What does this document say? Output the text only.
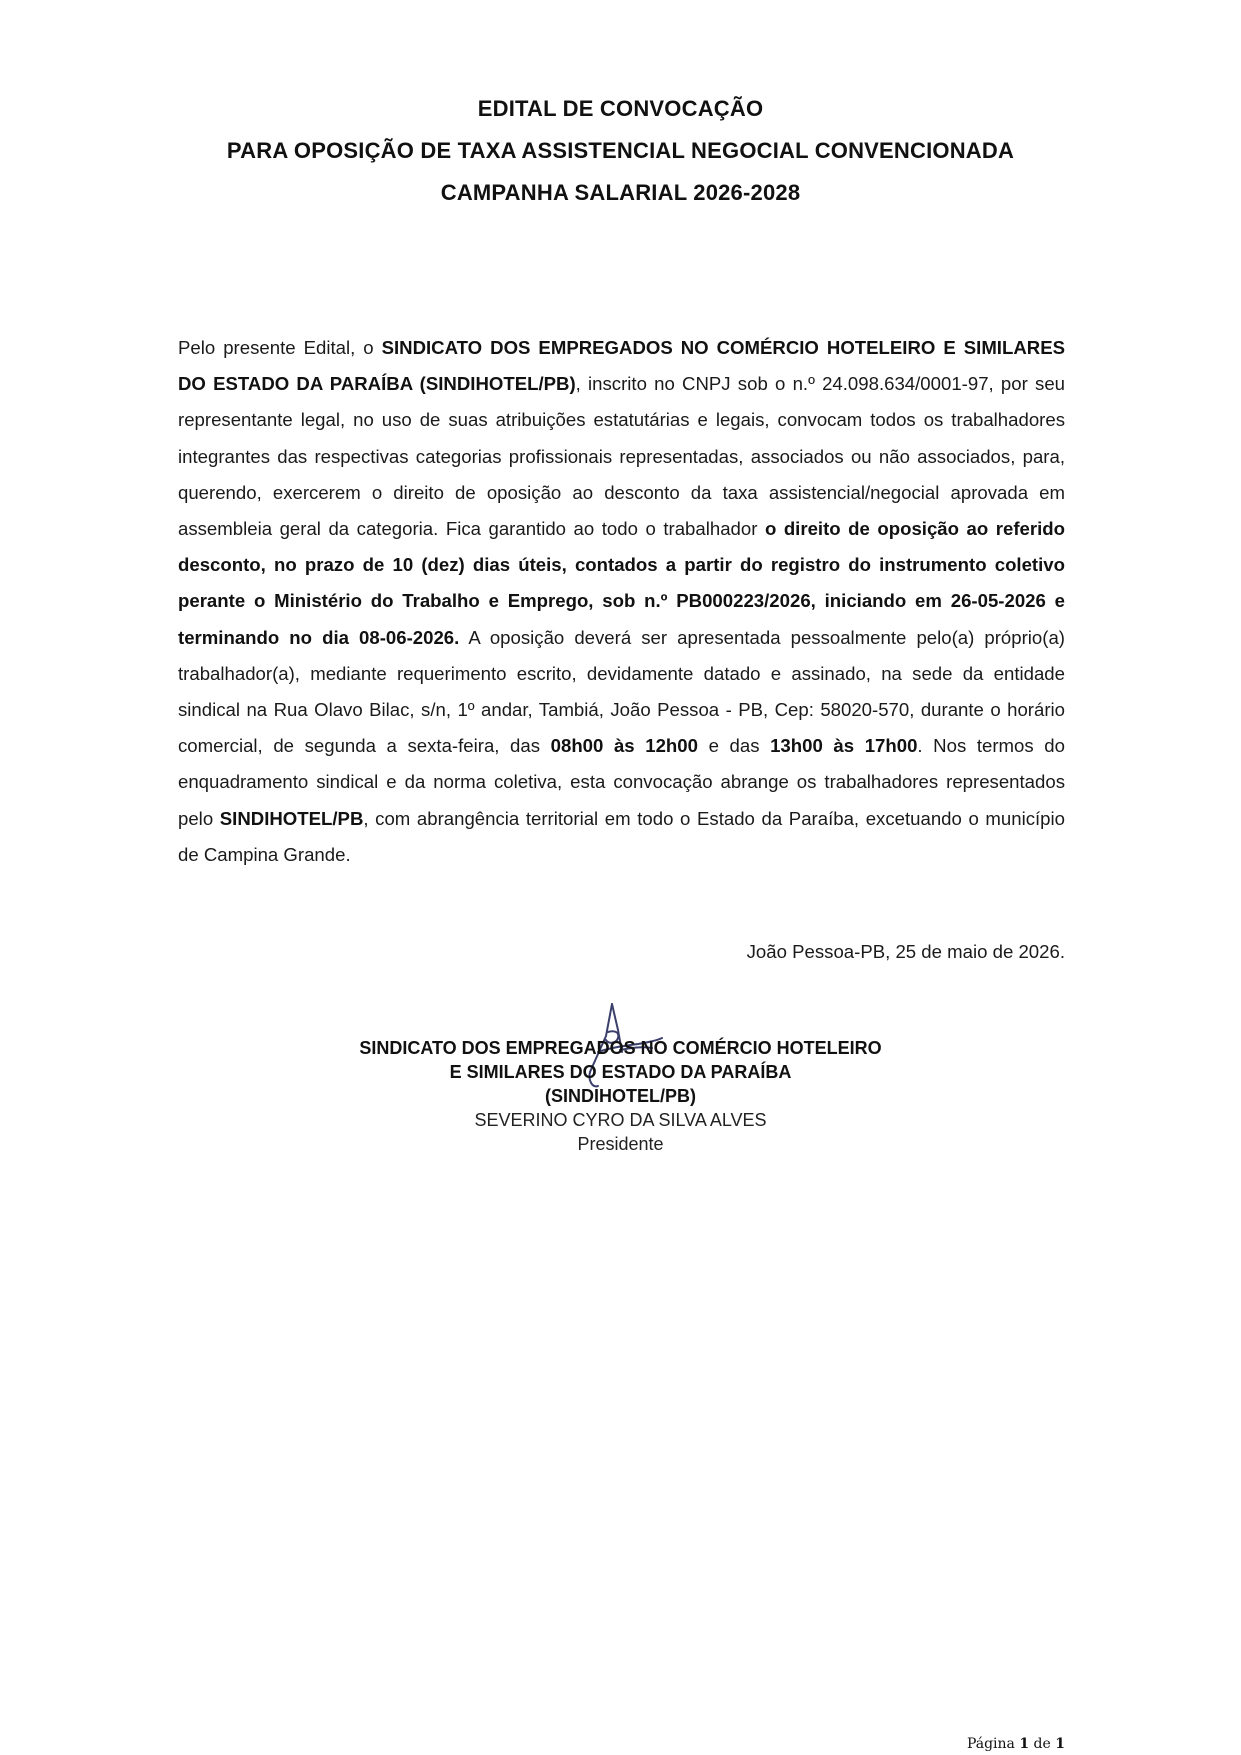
EDITAL DE CONVOCAÇÃO
PARA OPOSIÇÃO DE TAXA ASSISTENCIAL NEGOCIAL CONVENCIONADA
CAMPANHA SALARIAL 2026-2028
Pelo presente Edital, o SINDICATO DOS EMPREGADOS NO COMÉRCIO HOTELEIRO E SIMILARES DO ESTADO DA PARAÍBA (SINDIHOTEL/PB), inscrito no CNPJ sob o n.º 24.098.634/0001-97, por seu representante legal, no uso de suas atribuições estatutárias e legais, convocam todos os trabalhadores integrantes das respectivas categorias profissionais representadas, associados ou não associados, para, querendo, exercerem o direito de oposição ao desconto da taxa assistencial/negocial aprovada em assembleia geral da categoria. Fica garantido ao todo o trabalhador o direito de oposição ao referido desconto, no prazo de 10 (dez) dias úteis, contados a partir do registro do instrumento coletivo perante o Ministério do Trabalho e Emprego, sob n.º PB000223/2026, iniciando em 26-05-2026 e terminando no dia 08-06-2026. A oposição deverá ser apresentada pessoalmente pelo(a) próprio(a) trabalhador(a), mediante requerimento escrito, devidamente datado e assinado, na sede da entidade sindical na Rua Olavo Bilac, s/n, 1º andar, Tambiá, João Pessoa - PB, Cep: 58020-570, durante o horário comercial, de segunda a sexta-feira, das 08h00 às 12h00 e das 13h00 às 17h00. Nos termos do enquadramento sindical e da norma coletiva, esta convocação abrange os trabalhadores representados pelo SINDIHOTEL/PB, com abrangência territorial em todo o Estado da Paraíba, excetuando o município de Campina Grande.
João Pessoa-PB, 25 de maio de 2026.
SINDICATO DOS EMPREGADOS NO COMÉRCIO HOTELEIRO
E SIMILARES DO ESTADO DA PARAÍBA
(SINDIHOTEL/PB)
SEVERINO CYRO DA SILVA ALVES
Presidente
Página 1 de 1
